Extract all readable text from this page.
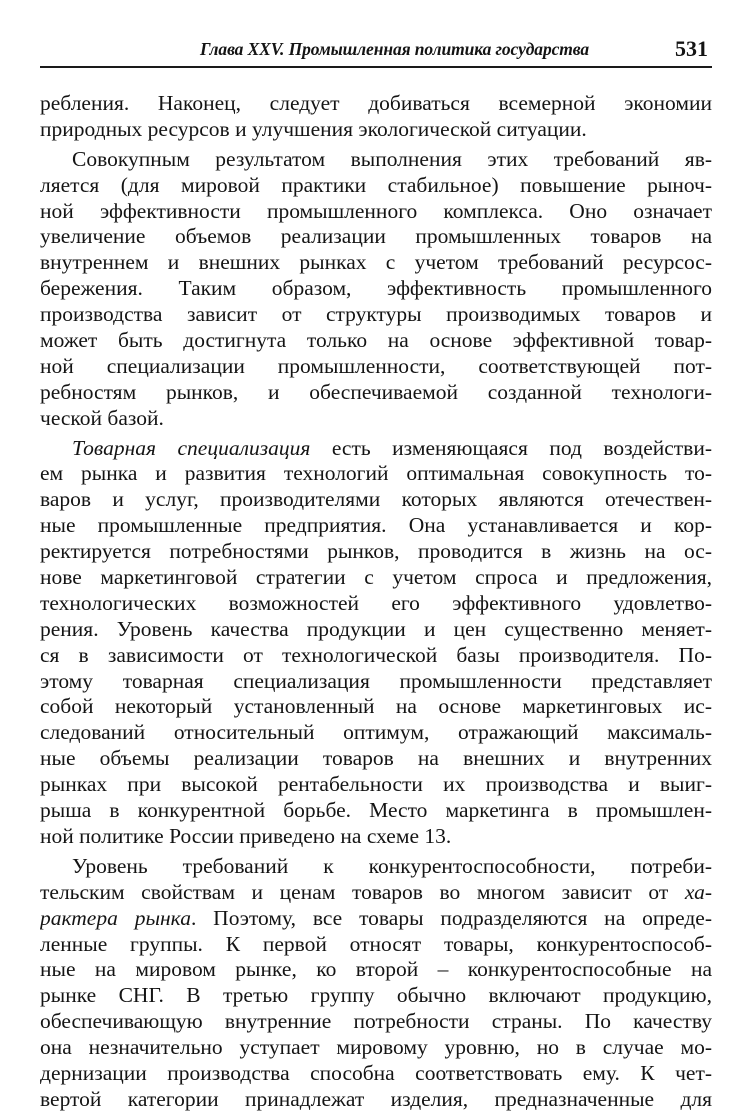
Глава XXV. Промышленная политика государства	531
ребления. Наконец, следует добиваться всемерной экономии
природных ресурсов и улучшения экологической ситуации.
Совокупным результатом выполнения этих требований яв-
ляется (для мировой практики стабильное) повышение рыноч-
ной эффективности промышленного комплекса. Оно означает
увеличение объемов реализации промышленных товаров на
внутреннем и внешних рынках с учетом требований ресурсос-
бережения. Таким образом, эффективность промышленного
производства зависит от структуры производимых товаров и
может быть достигнута только на основе эффективной товар-
ной специализации промышленности, соответствующей пот-
ребностям рынков, и обеспечиваемой созданной технологи-
ческой базой.
Товарная специализация есть изменяющаяся под воздействи-
ем рынка и развития технологий оптимальная совокупность то-
варов и услуг, производителями которых являются отечествен-
ные промышленные предприятия. Она устанавливается и кор-
ректируется потребностями рынков, проводится в жизнь на ос-
нове маркетинговой стратегии с учетом спроса и предложения,
технологических возможностей его эффективного удовлетво-
рения. Уровень качества продукции и цен существенно меняет-
ся в зависимости от технологической базы производителя. По-
этому товарная специализация промышленности представляет
собой некоторый установленный на основе маркетинговых ис-
следований относительный оптимум, отражающий максималь-
ные объемы реализации товаров на внешних и внутренних
рынках при высокой рентабельности их производства и выиг-
рыша в конкурентной борьбе. Место маркетинга в промышлен-
ной политике России приведено на схеме 13.
Уровень требований к конкурентоспособности, потреби-
тельским свойствам и ценам товаров во многом зависит от ха-
рактера рынка. Поэтому, все товары подразделяются на опреде-
ленные группы. К первой относят товары, конкурентоспособ-
ные на мировом рынке, ко второй – конкурентоспособные на
рынке СНГ. В третью группу обычно включают продукцию,
обеспечивающую внутренние потребности страны. По качеству
она незначительно уступает мировому уровню, но в случае мо-
дернизации производства способна соответствовать ему. К чет-
вертой категории принадлежат изделия, предназначенные для
